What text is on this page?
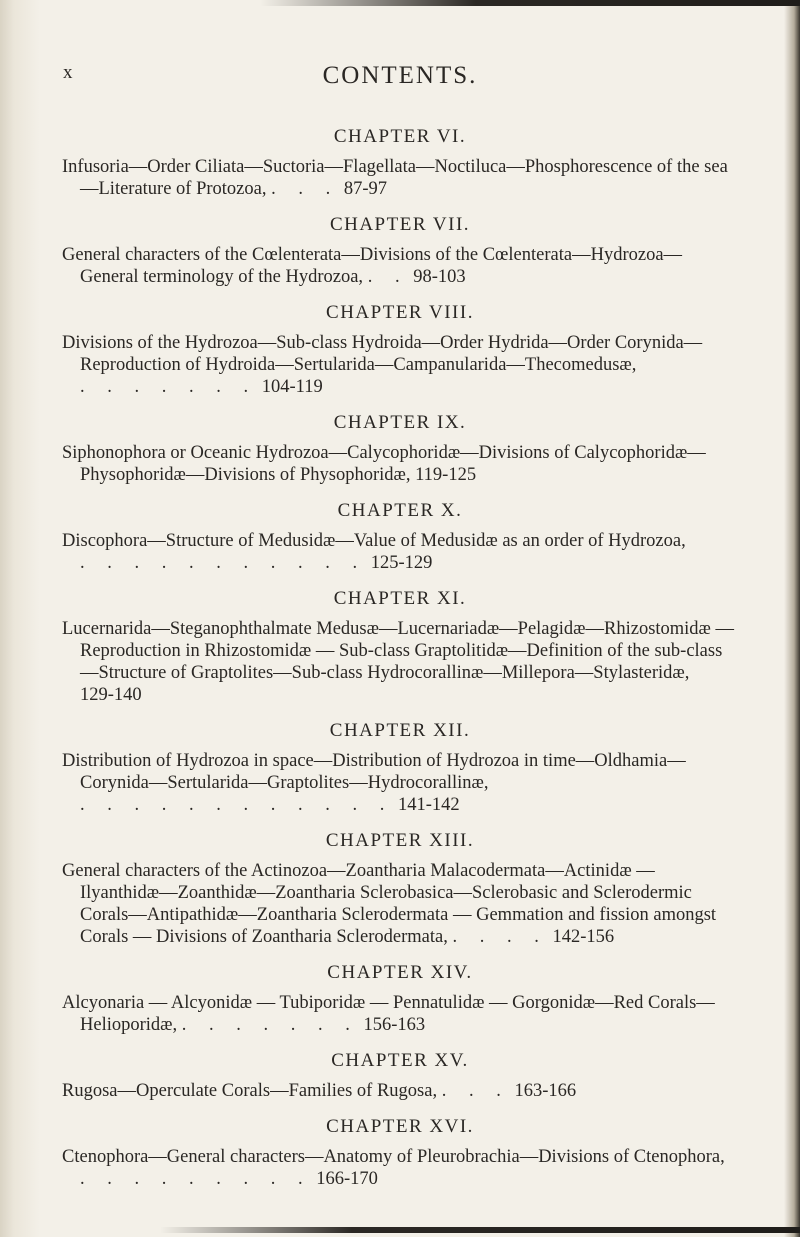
x	CONTENTS.
CHAPTER VI.
Infusoria—Order Ciliata—Suctoria—Flagellata—Noctiluca—Phosphorescence of the sea—Literature of Protozoa, . . . 87-97
CHAPTER VII.
General characters of the Cœlenterata—Divisions of the Cœlenterata—Hydrozoa—General terminology of the Hydrozoa, . . 98-103
CHAPTER VIII.
Divisions of the Hydrozoa—Sub-class Hydroida—Order Hydrida—Order Corynida—Reproduction of Hydroida—Sertularida—Campanularida—Thecomedusæ, . . . . . . . 104-119
CHAPTER IX.
Siphonophora or Oceanic Hydrozoa—Calycophoridæ—Divisions of Calycophoridæ—Physophoridæ—Divisions of Physophoridæ, 119-125
CHAPTER X.
Discophora—Structure of Medusidæ—Value of Medusidæ as an order of Hydrozoa, . . . . . . . . . . . 125-129
CHAPTER XI.
Lucernarida—Steganophthalmate Medusæ—Lucernariadæ—Pelagidæ—Rhizostomidæ — Reproduction in Rhizostomidæ — Sub-class Graptolitidæ—Definition of the sub-class—Structure of Graptolites—Sub-class Hydrocorallinæ—Millepora—Stylasteridæ, 129-140
CHAPTER XII.
Distribution of Hydrozoa in space—Distribution of Hydrozoa in time—Oldhamia—Corynida—Sertularida—Graptolites—Hydrocorallinæ, . . . . . . . . . . . . 141-142
CHAPTER XIII.
General characters of the Actinozoa—Zoantharia Malacodermata—Actinidæ — Ilyanthidæ—Zoanthidæ—Zoantharia Sclerobasica—Sclerobasic and Sclerodermic Corals—Antipathidæ—Zoantharia Sclerodermata — Gemmation and fission amongst Corals — Divisions of Zoantharia Sclerodermata, . . . . 142-156
CHAPTER XIV.
Alcyonaria — Alcyonidæ — Tubiporidæ — Pennatulidæ — Gorgonidæ—Red Corals—Helioporidæ, . . . . . . . 156-163
CHAPTER XV.
Rugosa—Operculate Corals—Families of Rugosa, . . . 163-166
CHAPTER XVI.
Ctenophora—General characters—Anatomy of Pleurobrachia—Divisions of Ctenophora, . . . . . . . . . 166-170
